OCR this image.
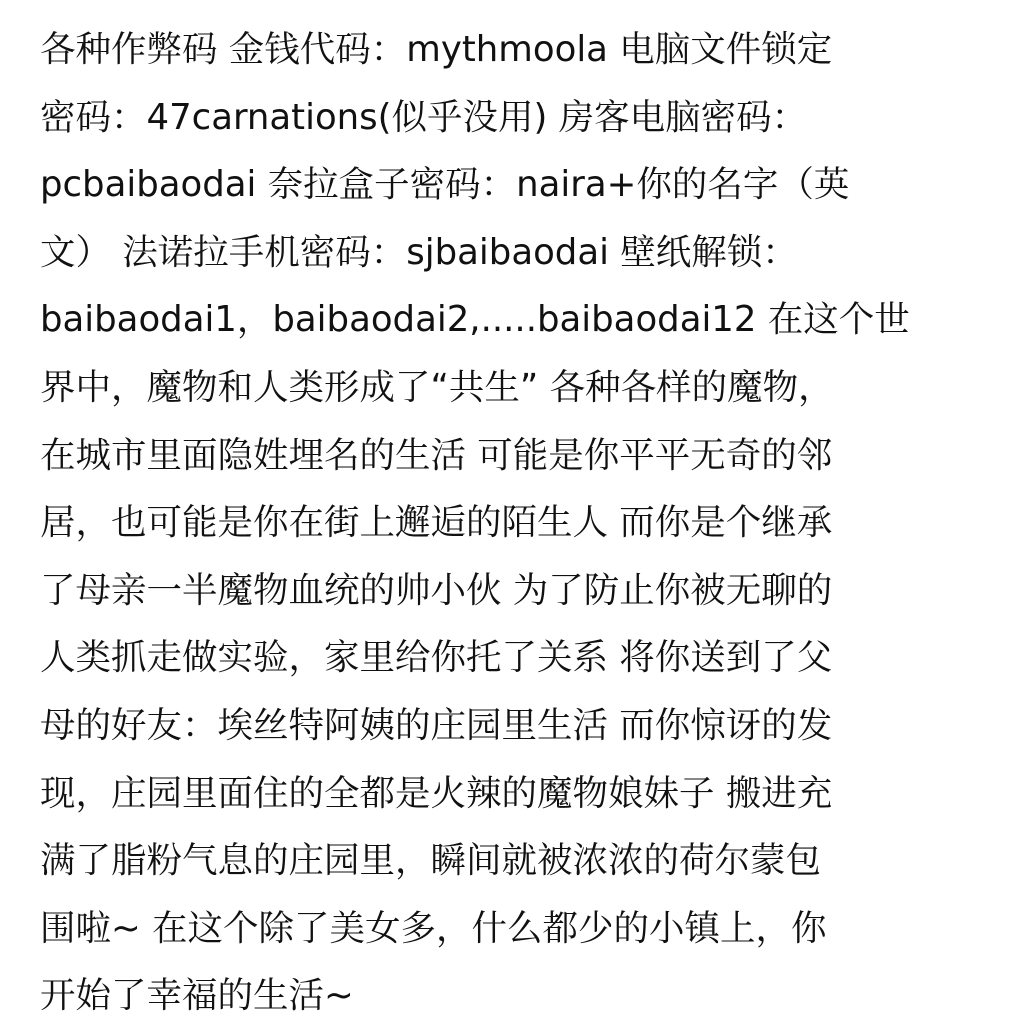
各种作弊码 金钱代码：mythmoola 电脑文件锁定
密码：47carnations(似乎没用) 房客电脑密码：
pcbaibaodai 奈拉盒子密码：naira+你的名字（英
文） 法诺拉手机密码：sjbaibaodai 壁纸解锁：
baibaodai1，baibaodai2,.....baibaodai12 在这个世
界中，魔物和人类形成了“共生” 各种各样的魔物，
在城市里面隐姓埋名的生活 可能是你平平无奇的邻
居，也可能是你在街上邂逅的陌生人 而你是个继承
了母亲一半魔物血统的帅小伙 为了防止你被无聊的
人类抓走做实验，家里给你托了关系 将你送到了父
母的好友：埃丝特阿姨的庄园里生活 而你惊讶的发
现，庄园里面住的全都是火辣的魔物娘妹子 搬进充
满了脂粉气息的庄园里，瞬间就被浓浓的荷尔蒙包
围啦~ 在这个除了美女多，什么都少的小镇上，你
开始了幸福的生活~
